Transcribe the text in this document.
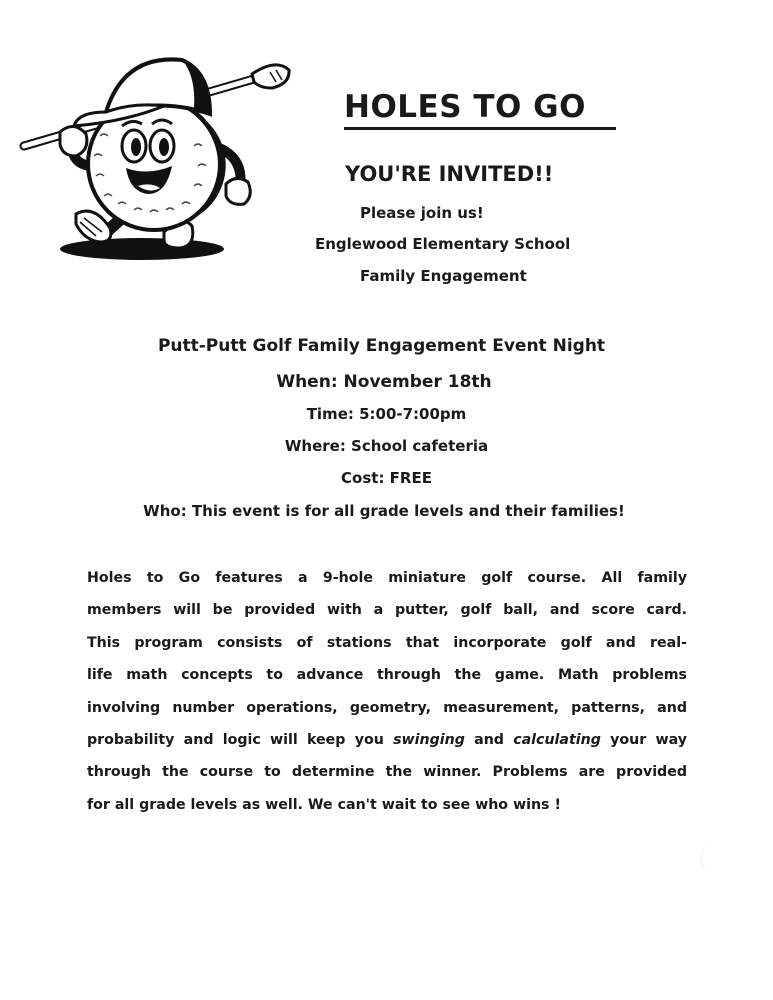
HOLES TO GO
YOU'RE INVITED!!
Please join us!
Englewood Elementary School
Family Engagement
Putt-Putt Golf Family Engagement Event Night
When: November 18th
Time: 5:00-7:00pm
Where: School cafeteria
Cost: FREE
Who: This event is for all grade levels and their families!
Holes to Go features a 9-hole miniature golf course. All family
members will be provided with a putter, golf ball, and score card.
This program consists of stations that incorporate golf and real-
life math concepts to advance through the game. Math problems
involving number operations, geometry, measurement, patterns, and
probability and logic will keep you swinging and calculating your way
through the course to determine the winner. Problems are provided
for all grade levels as well. We can't wait to see who wins !
